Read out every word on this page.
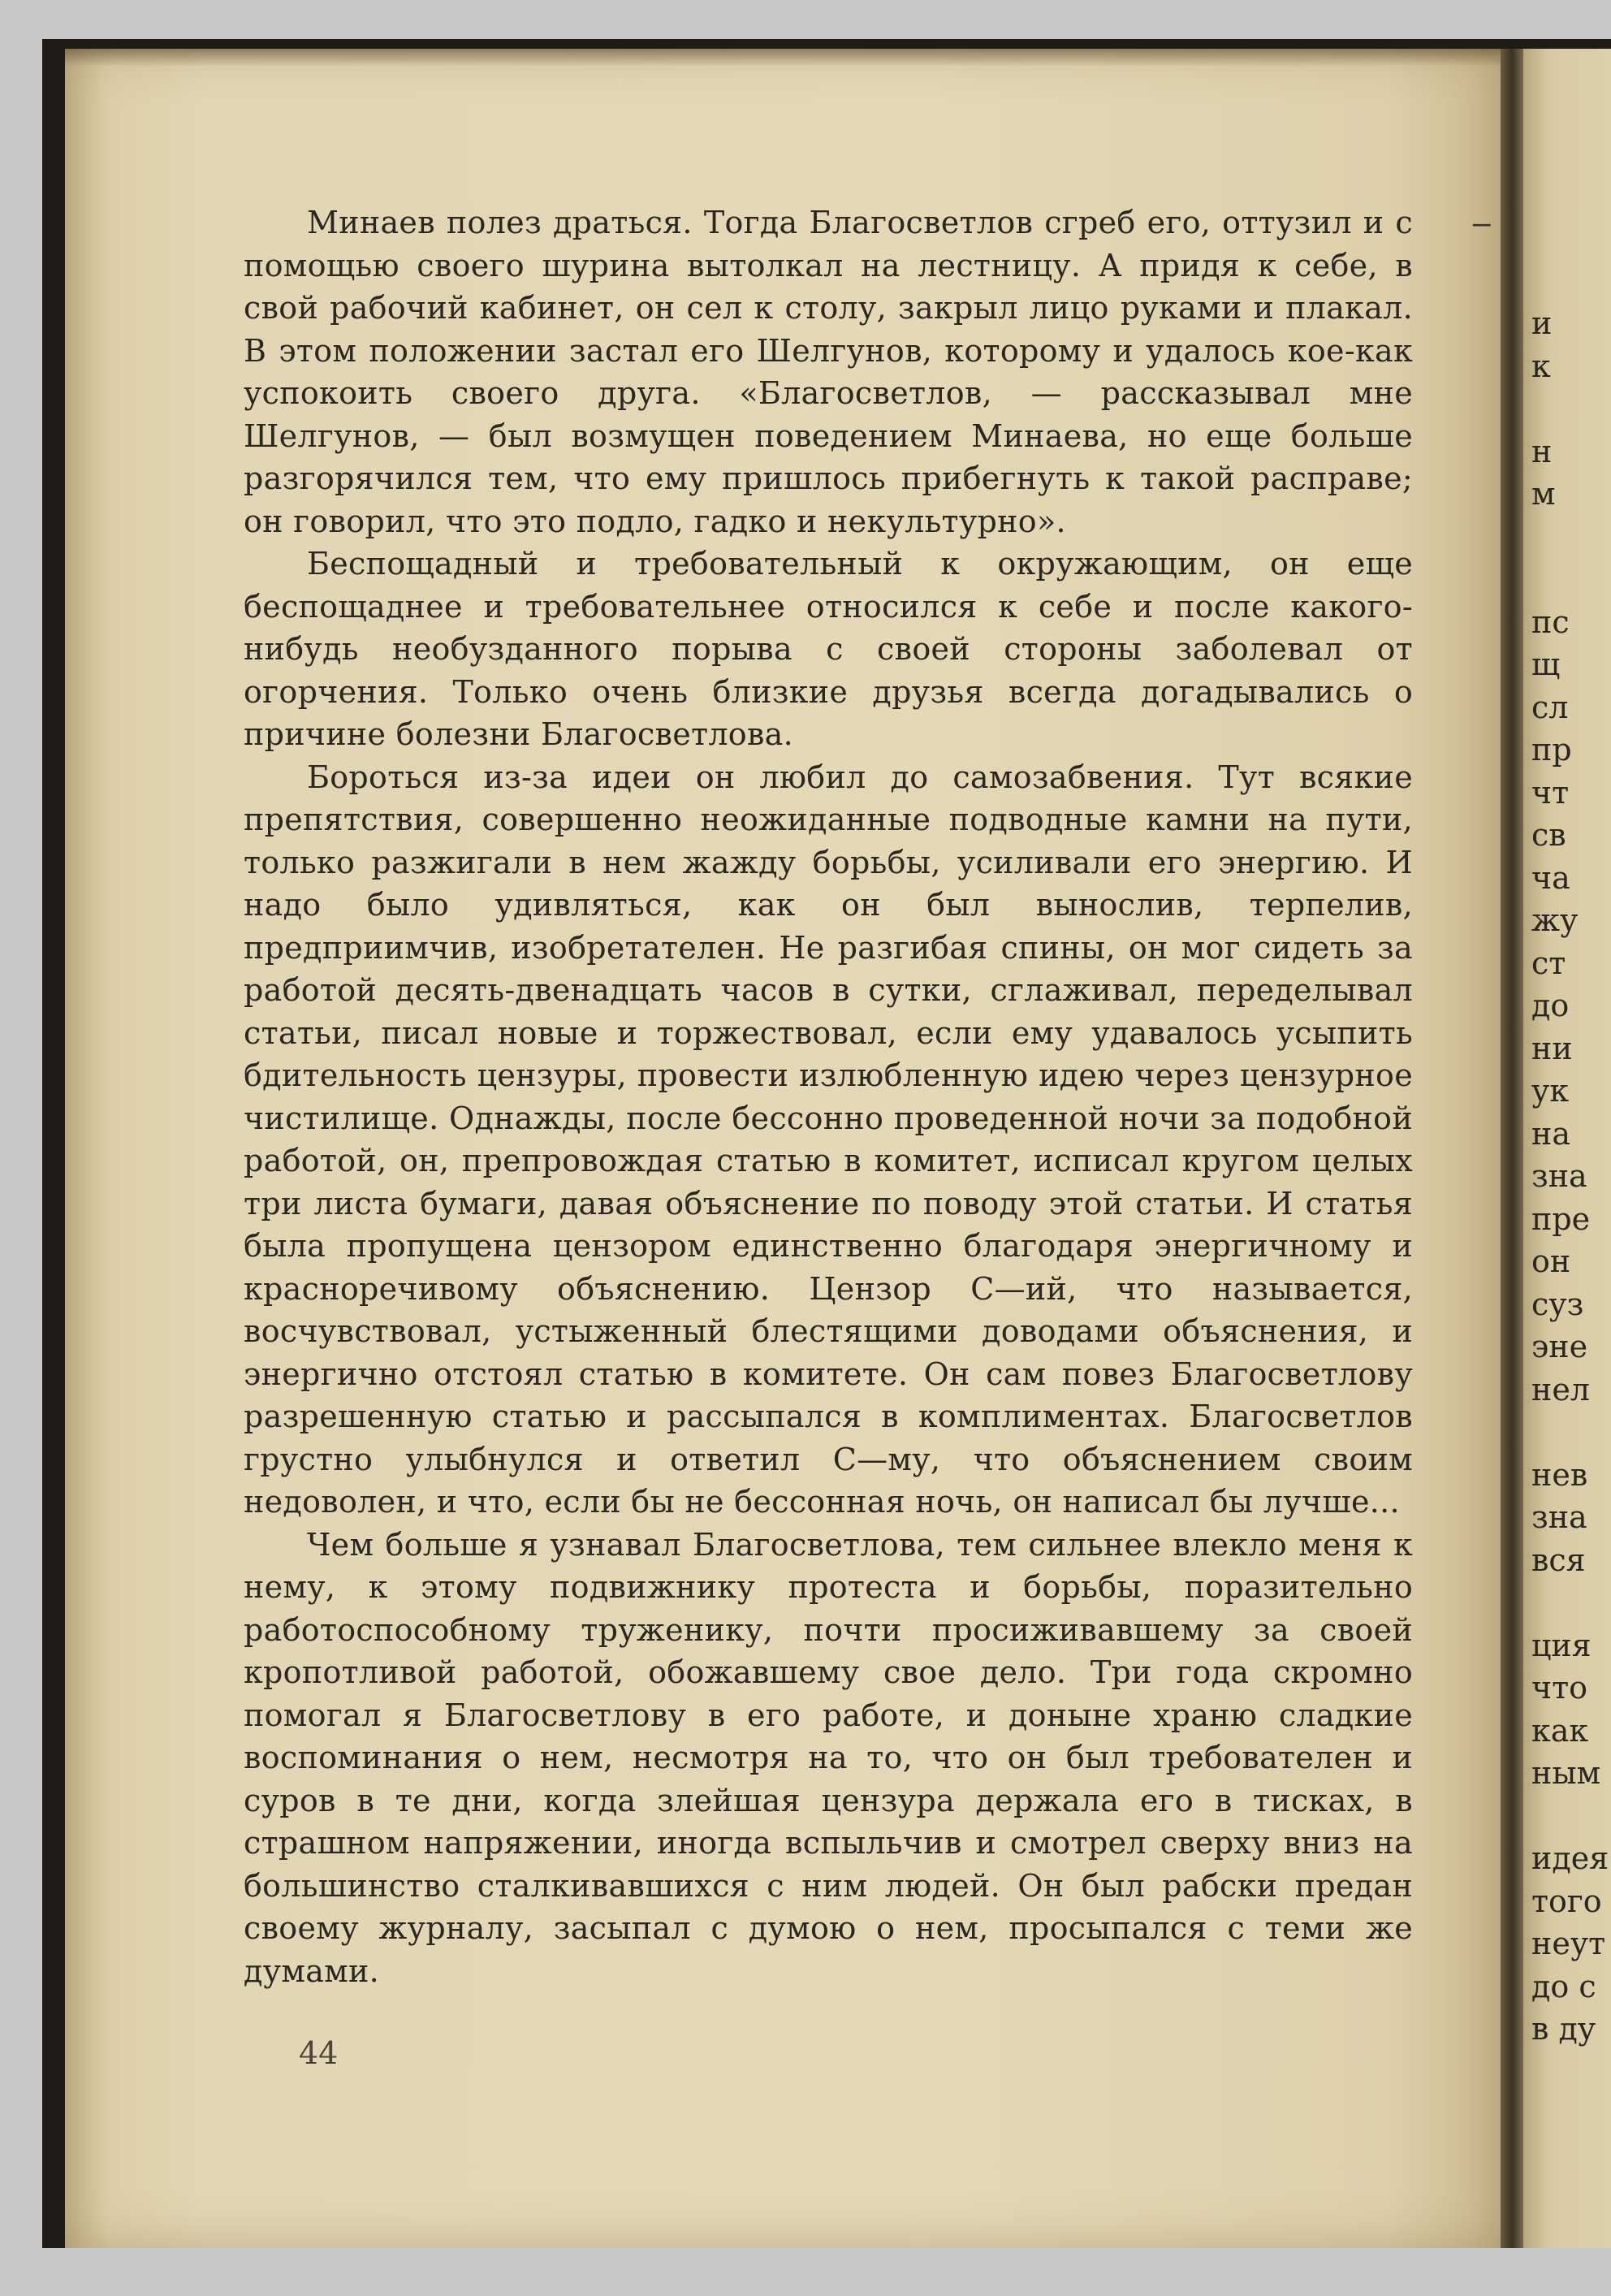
и
к
н
м
пс
щ
сл
пр
чт
св
ча
жу
ст
до
ни
ук
на
зна
пре
он
суз
эне
нел
нев
зна
вся
ция
что
как
ным
идея
того
неут
до с
в ду
‒

Минаев полез драться. Тогда Благосветлов сгреб его, оттузил и с помощью своего шурина вытолкал на лестницу. А придя к себе, в свой рабочий кабинет, он сел к столу, закрыл лицо руками и плакал. В этом положении застал его Шелгунов, которому и удалось кое-как успокоить своего друга. «Благосветлов, — рассказывал мне Шелгунов, — был возмущен поведением Минаева, но еще больше разгорячился тем, что ему пришлось прибегнуть к такой расправе; он говорил, что это подло, гадко и некультурно».

Беспощадный и требовательный к окружающим, он еще беспощаднее и требовательнее относился к себе и после какого-нибудь необузданного порыва с своей стороны заболевал от огорчения. Только очень близкие друзья всегда догадывались о причине болезни Благосветлова.

Бороться из-за идеи он любил до самозабвения. Тут всякие препятствия, совершенно неожиданные подводные камни на пути, только разжигали в нем жажду борьбы, усиливали его энергию. И надо было удивляться, как он был вынослив, терпелив, предприимчив, изобретателен. Не разгибая спины, он мог сидеть за работой десять-двенадцать часов в сутки, сглаживал, переделывал статьи, писал новые и торжествовал, если ему удавалось усыпить бдительность цензуры, провести излюбленную идею через цензурное чистилище. Однажды, после бессонно проведенной ночи за подобной работой, он, препровождая статью в комитет, исписал кругом целых три листа бумаги, давая объяснение по поводу этой статьи. И статья была пропущена цензором единственно благодаря энергичному и красноречивому объяснению. Цензор С—ий, что называется, восчувствовал, устыженный блестящими доводами объяснения, и энергично отстоял статью в комитете. Он сам повез Благосветлову разрешенную статью и рассыпался в комплиментах. Благосветлов грустно улыбнулся и ответил С—му, что объяснением своим недоволен, и что, если бы не бессонная ночь, он написал бы лучше...

Чем больше я узнавал Благосветлова, тем сильнее влекло меня к нему, к этому подвижнику протеста и борьбы, поразительно работоспособному труженику, почти просиживавшему за своей кропотливой работой, обожавшему свое дело. Три года скромно помогал я Благосветлову в его работе, и доныне храню сладкие воспоминания о нем, несмотря на то, что он был требователен и суров в те дни, когда злейшая цензура держала его в тисках, в страшном напряжении, иногда вспыльчив и смотрел сверху вниз на большинство сталкивавшихся с ним людей. Он был рабски предан своему журналу, засыпал с думою о нем, просыпался с теми же думами.

44
